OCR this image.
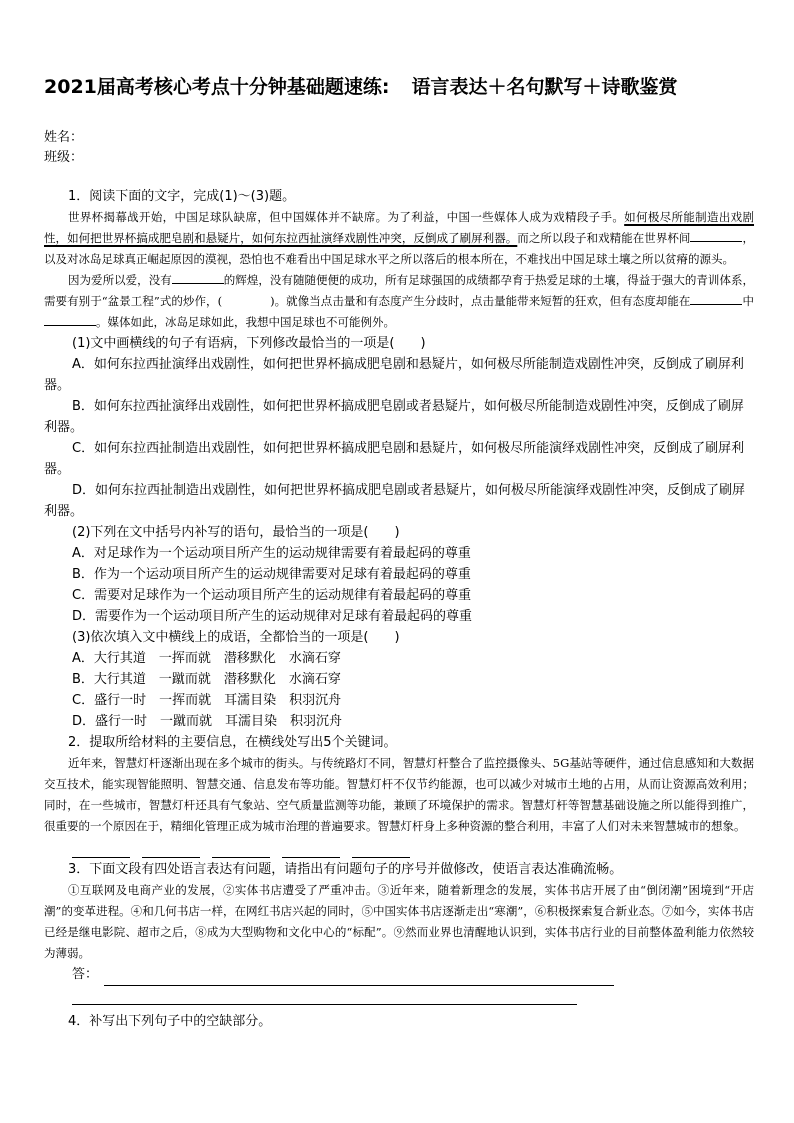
2021届高考核心考点十分钟基础题速练: 语言表达＋名句默写＋诗歌鉴赏
姓名：
班级：

1．阅读下面的文字，完成(1)～(3)题。

世界杯揭幕战开始，中国足球队缺席，但中国媒体并不缺席。为了利益，中国一些媒体人成为戏精段子手。如何极尽所能制造出戏剧性，如何把世界杯搞成肥皂剧和悬疑片，如何东拉西扯演绎戏剧性冲突，反倒成了刷屏利器。而之所以段子和戏精能在世界杯间	，以及对冰岛足球真正崛起原因的漠视，恐怕也不难看出中国足球水平之所以落后的根本所在，不难找出中国足球土壤之所以贫瘠的源头。

因为爱所以爱，没有	的辉煌，没有随随便便的成功，所有足球强国的成绩都孕育于热爱足球的土壤，得益于强大的青训体系，需要有别于“盆景工程”式的炒作，(	)。就像当点击量和有态度产生分歧时，点击量能带来短暂的狂欢，但有态度却能在	中。媒体如此，冰岛足球如此，我想中国足球也不可能例外。

(1)文中画横线的句子有语病，下列修改最恰当的一项是(　　)

A．如何东拉西扯演绎出戏剧性，如何把世界杯搞成肥皂剧和悬疑片，如何极尽所能制造戏剧性冲突，反倒成了刷屏利器。

B．如何东拉西扯演绎出戏剧性，如何把世界杯搞成肥皂剧或者悬疑片，如何极尽所能制造戏剧性冲突，反倒成了刷屏利器。

C．如何东拉西扯制造出戏剧性，如何把世界杯搞成肥皂剧和悬疑片，如何极尽所能演绎戏剧性冲突，反倒成了刷屏利器。

D．如何东拉西扯制造出戏剧性，如何把世界杯搞成肥皂剧或者悬疑片，如何极尽所能演绎戏剧性冲突，反倒成了刷屏利器。

(2)下列在文中括号内补写的语句，最恰当的一项是(　　)

A．对足球作为一个运动项目所产生的运动规律需要有着最起码的尊重

B．作为一个运动项目所产生的运动规律需要对足球有着最起码的尊重

C．需要对足球作为一个运动项目所产生的运动规律有着最起码的尊重

D．需要作为一个运动项目所产生的运动规律对足球有着最起码的尊重

(3)依次填入文中横线上的成语，全都恰当的一项是(　　)

A．大行其道　一挥而就　潜移默化　水滴石穿

B．大行其道　一蹴而就　潜移默化　水滴石穿

C．盛行一时　一挥而就　耳濡目染　积羽沉舟

D．盛行一时　一蹴而就　耳濡目染　积羽沉舟

2．提取所给材料的主要信息，在横线处写出5个关键词。

近年来，智慧灯杆逐渐出现在多个城市的街头。与传统路灯不同，智慧灯杆整合了监控摄像头、5G基站等硬件，通过信息感知和大数据交互技术，能实现智能照明、智慧交通、信息发布等功能。智慧灯杆不仅节约能源，也可以减少对城市土地的占用，从而让资源高效利用；同时，在一些城市，智慧灯杆还具有气象站、空气质量监测等功能，兼顾了环境保护的需求。智慧灯杆等智慧基础设施之所以能得到推广，很重要的一个原因在于，精细化管理正成为城市治理的普遍要求。智慧灯杆身上多种资源的整合利用，丰富了人们对未来智慧城市的想象。

3．下面文段有四处语言表达有问题，请指出有问题句子的序号并做修改，使语言表达准确流畅。

①互联网及电商产业的发展，②实体书店遭受了严重冲击。③近年来，随着新理念的发展，实体书店开展了由“倒闭潮”困境到“开店潮”的变革进程。④和几何书店一样，在网红书店兴起的同时，⑤中国实体书店逐渐走出“寒潮”，⑥积极探索复合新业态。⑦如今，实体书店已经是继电影院、超市之后，⑧成为大型购物和文化中心的“标配”。⑨然而业界也清醒地认识到，实体书店行业的目前整体盈利能力依然较为薄弱。

答：

4．补写出下列句子中的空缺部分。
